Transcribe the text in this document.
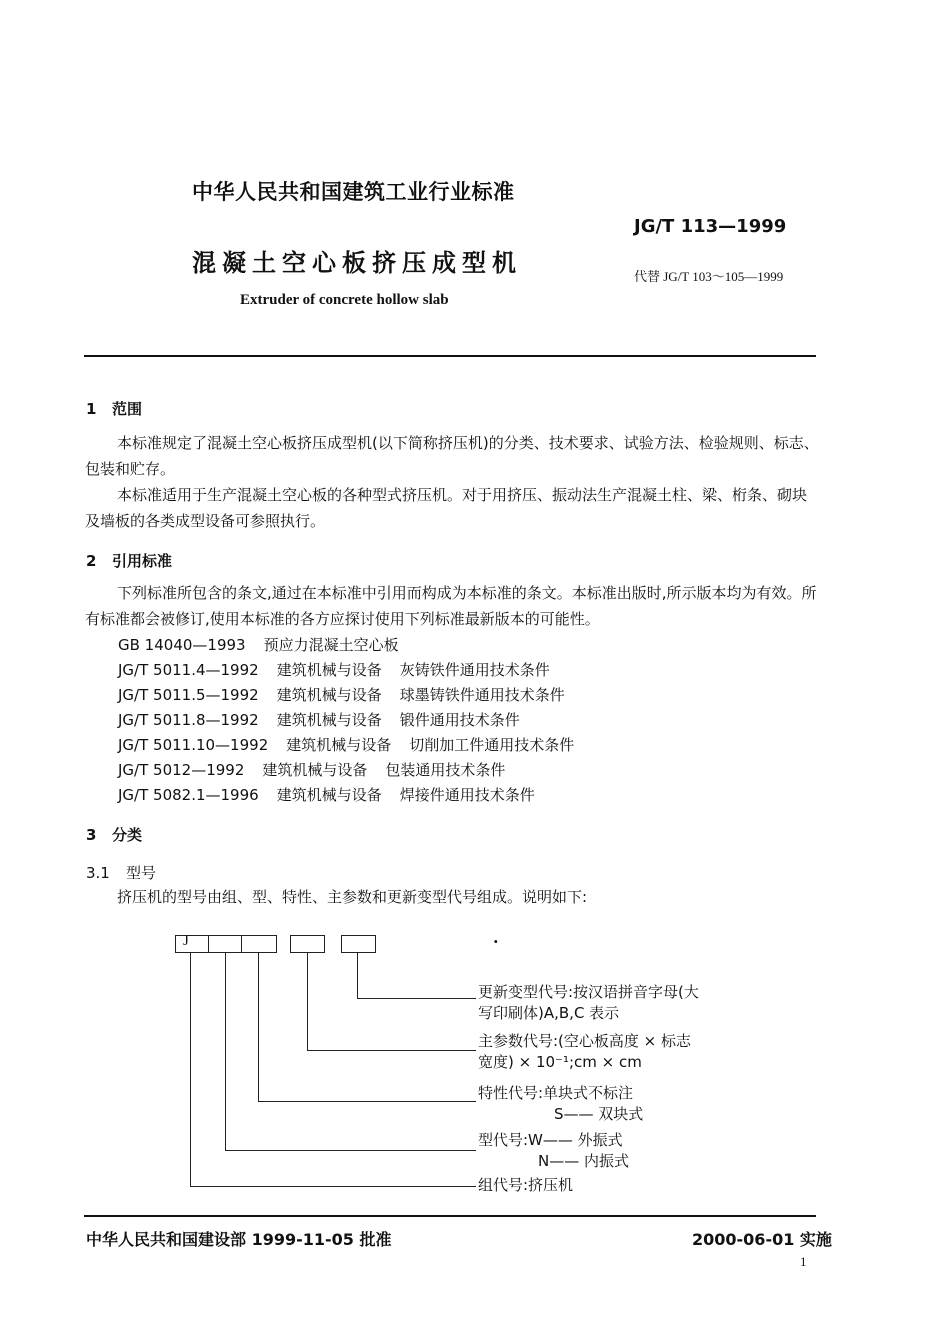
中华人民共和国建筑工业行业标准
JG/T 113—1999
混凝土空心板挤压成型机	代替 JG/T 103～105—1999
Extruder of concrete hollow slab
1 范围
本标准规定了混凝土空心板挤压成型机(以下简称挤压机)的分类、技术要求、试验方法、检验规则、标志、包装和贮存。
本标准适用于生产混凝土空心板的各种型式挤压机。对于用挤压、振动法生产混凝土柱、梁、桁条、砌块及墙板的各类成型设备可参照执行。
2 引用标准
下列标准所包含的条文,通过在本标准中引用而构成为本标准的条文。本标准出版时,所示版本均为有效。所有标准都会被修订,使用本标准的各方应探讨使用下列标准最新版本的可能性。
GB 14040—1993 预应力混凝土空心板
JG/T 5011.4—1992 建筑机械与设备 灰铸铁件通用技术条件
JG/T 5011.5—1992 建筑机械与设备 球墨铸铁件通用技术条件
JG/T 5011.8—1992 建筑机械与设备 锻件通用技术条件
JG/T 5011.10—1992 建筑机械与设备 切削加工件通用技术条件
JG/T 5012—1992 建筑机械与设备 包装通用技术条件
JG/T 5082.1—1996 建筑机械与设备 焊接件通用技术条件
3 分类
3.1 型号
挤压机的型号由组、型、特性、主参数和更新变型代号组成。说明如下:
J	·
更新变型代号:按汉语拼音字母(大
写印刷体)A,B,C 表示
主参数代号:(空心板高度 × 标志
宽度) × 10⁻¹;cm × cm
特性代号:单块式不标注
S—— 双块式
型代号:W—— 外振式
N—— 内振式
组代号:挤压机
中华人民共和国建设部 1999-11-05 批准	2000-06-01 实施
1
